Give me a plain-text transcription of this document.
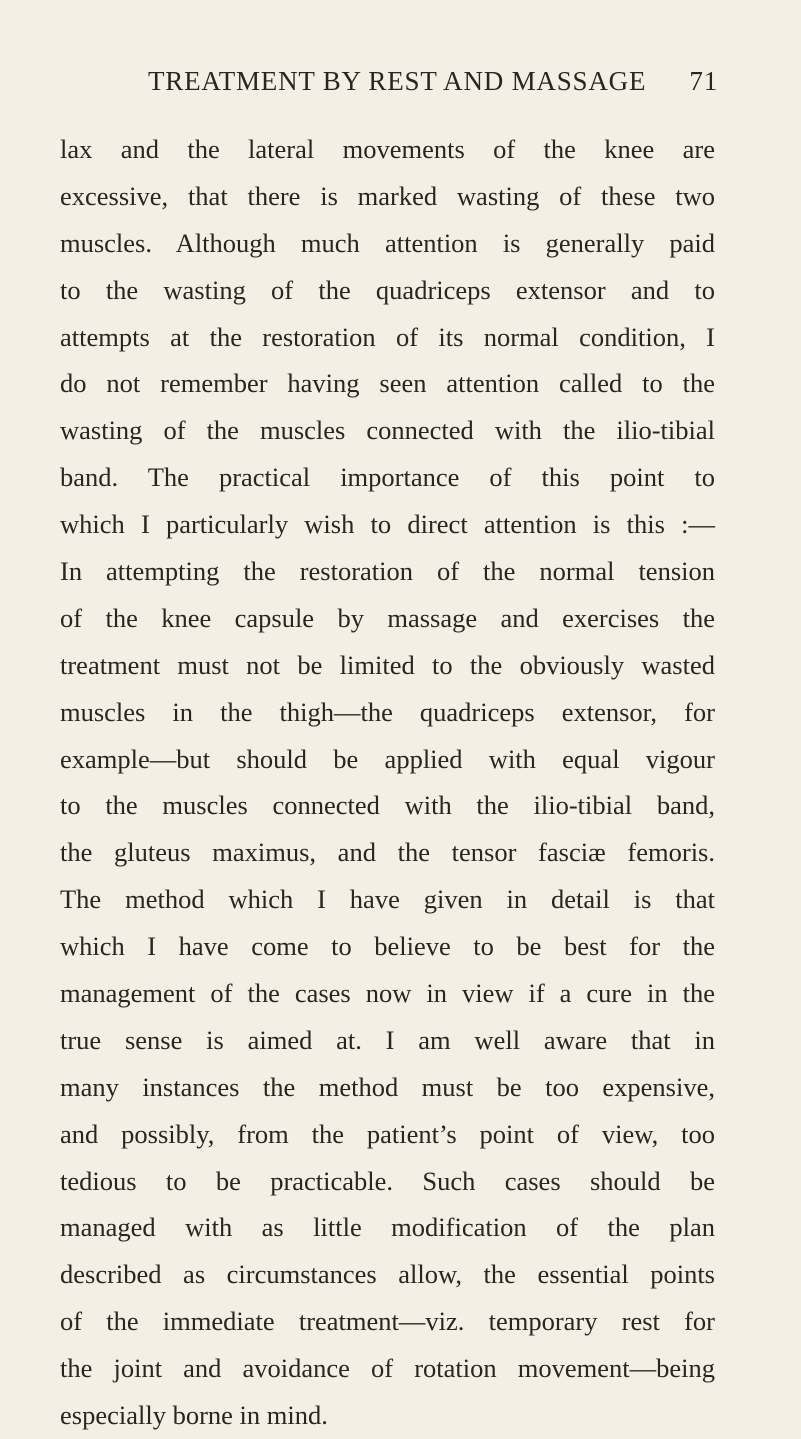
TREATMENT BY REST AND MASSAGE 71
lax and the lateral movements of the knee are
excessive, that there is marked wasting of these two
muscles. Although much attention is generally paid
to the wasting of the quadriceps extensor and to
attempts at the restoration of its normal condition, I
do not remember having seen attention called to the
wasting of the muscles connected with the ilio-tibial
band. The practical importance of this point to
which I particularly wish to direct attention is this :—
In attempting the restoration of the normal tension
of the knee capsule by massage and exercises the
treatment must not be limited to the obviously wasted
muscles in the thigh—the quadriceps extensor, for
example—but should be applied with equal vigour
to the muscles connected with the ilio-tibial band,
the gluteus maximus, and the tensor fasciæ femoris.
The method which I have given in detail is that
which I have come to believe to be best for the
management of the cases now in view if a cure in the
true sense is aimed at. I am well aware that in
many instances the method must be too expensive,
and possibly, from the patient’s point of view, too
tedious to be practicable. Such cases should be
managed with as little modification of the plan
described as circumstances allow, the essential points
of the immediate treatment—viz. temporary rest for
the joint and avoidance of rotation movement—being
especially borne in mind.
